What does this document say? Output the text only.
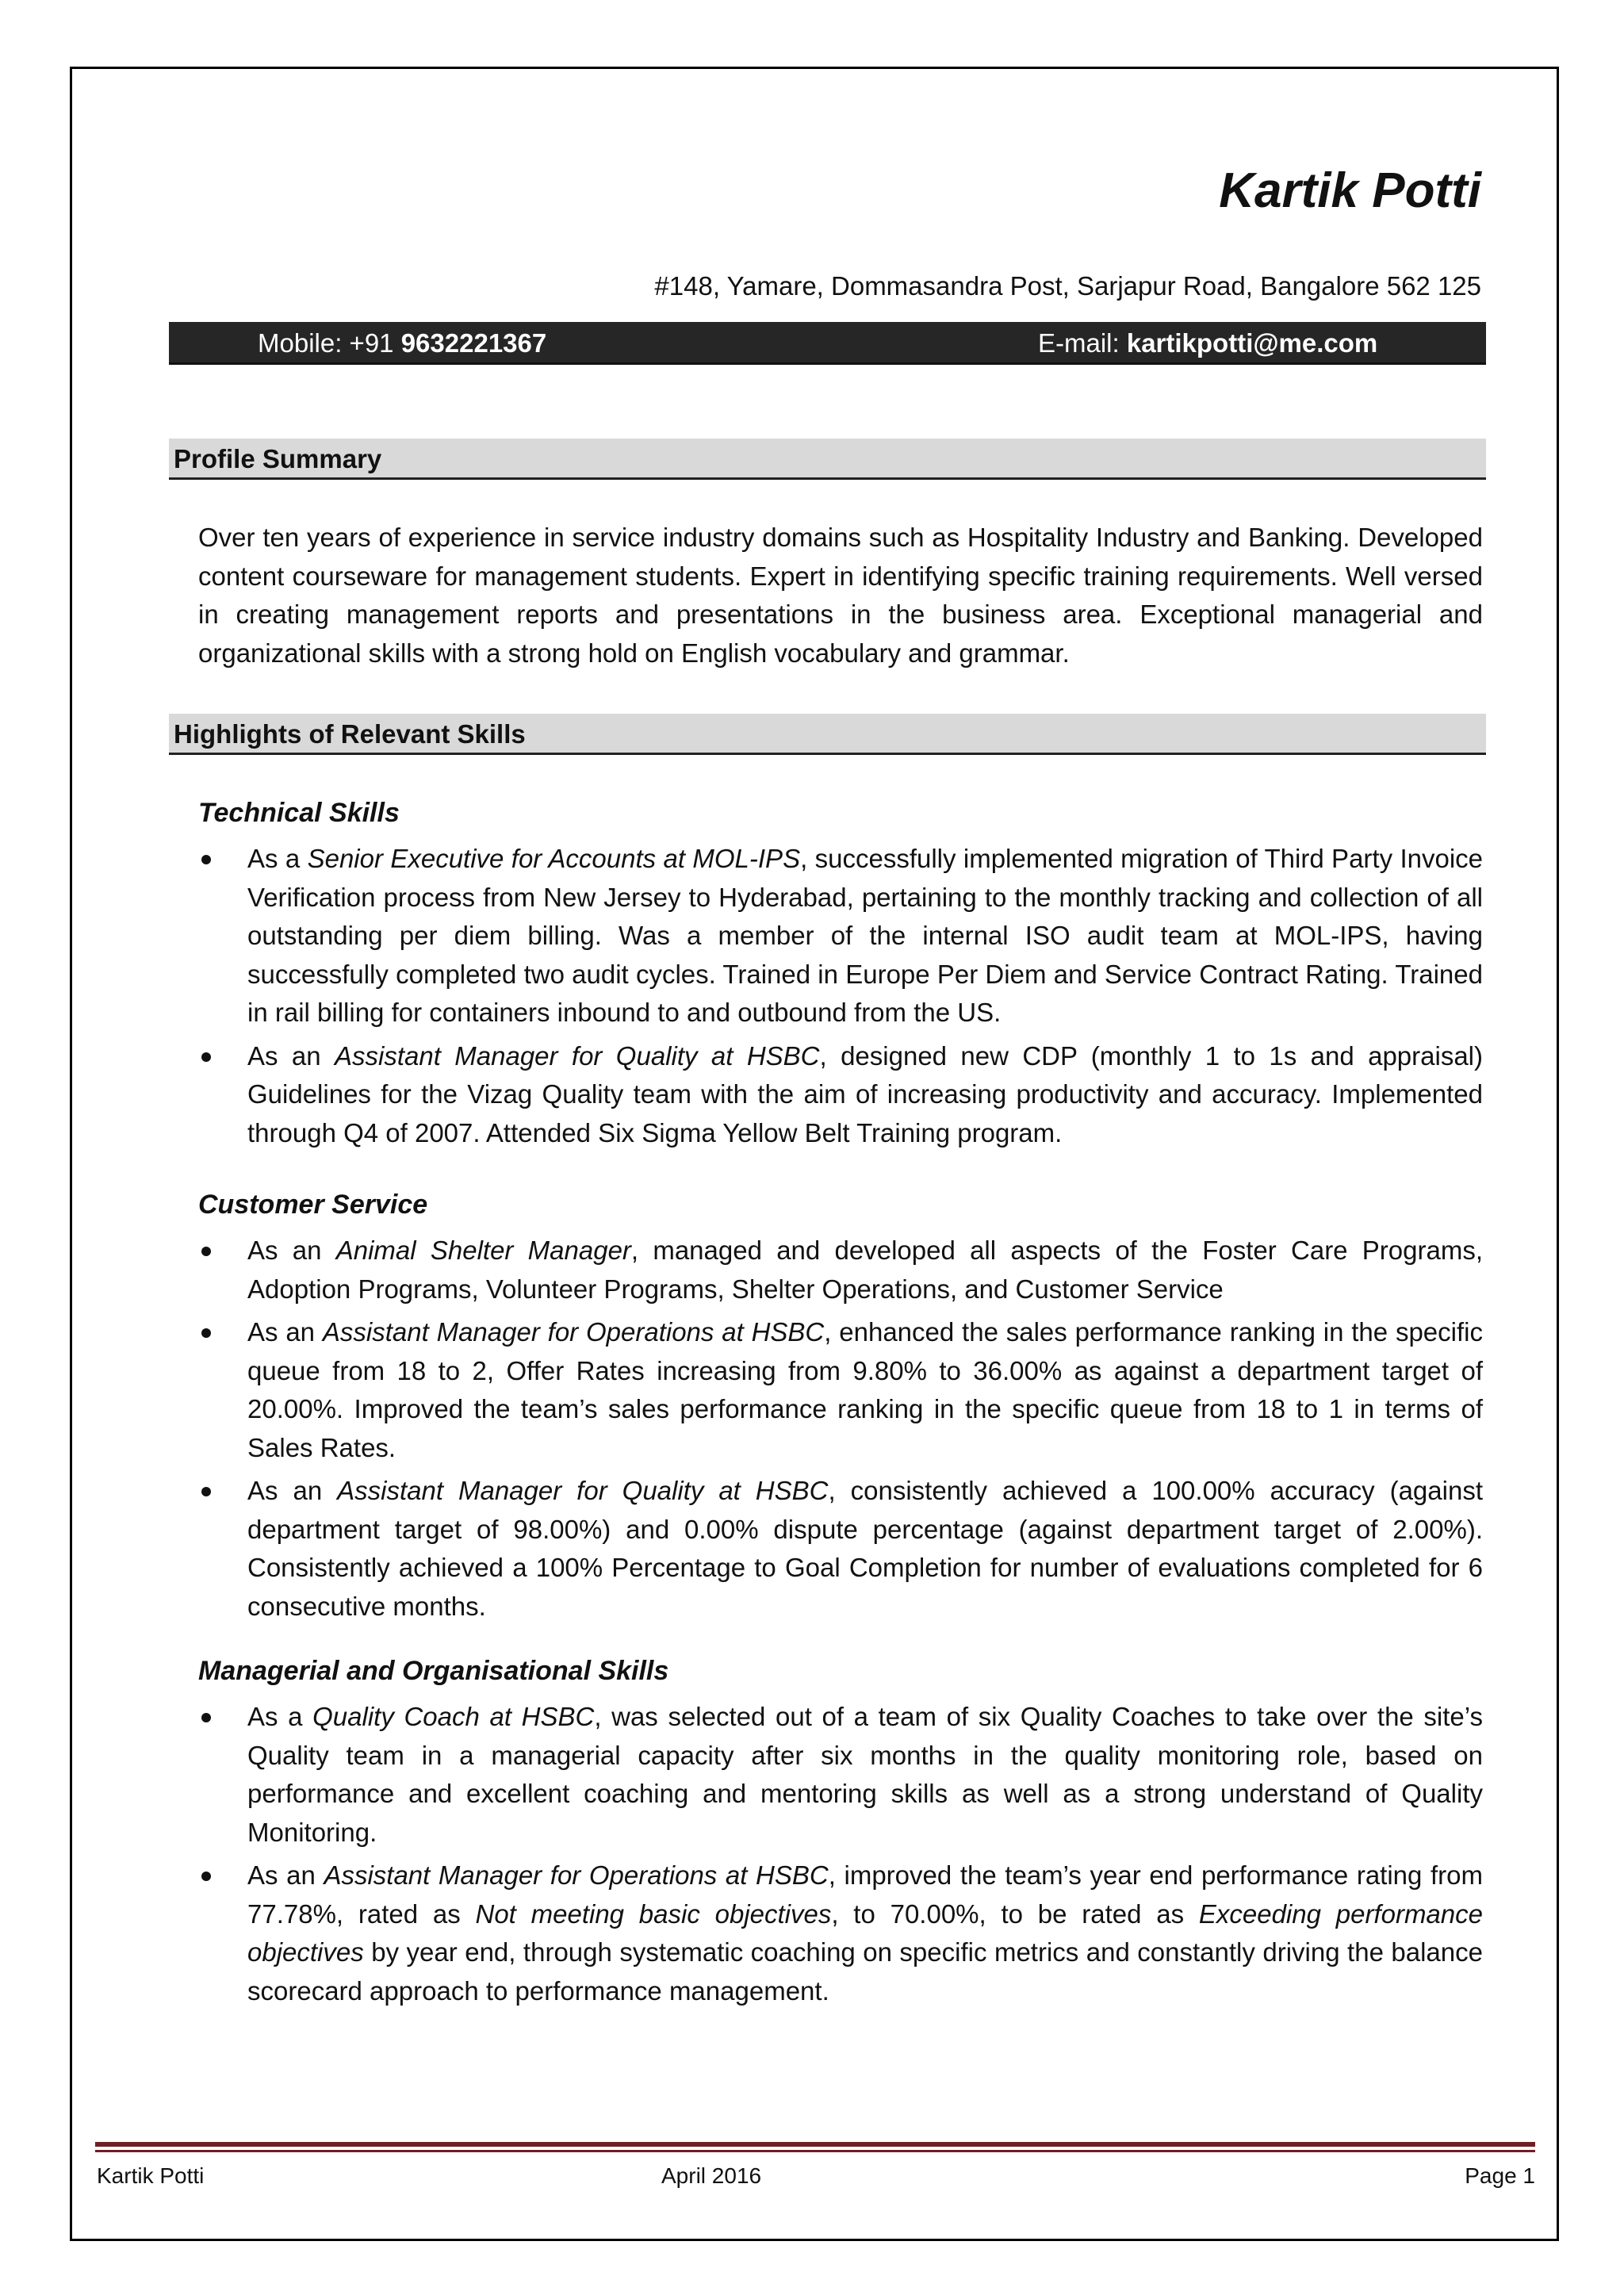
Kartik Potti
#148, Yamare, Dommasandra Post, Sarjapur Road, Bangalore 562 125
Mobile: +91 9632221367	E-mail: kartikpotti@me.com
Profile Summary
Over ten years of experience in service industry domains such as Hospitality Industry and Banking. Developed content courseware for management students. Expert in identifying specific training requirements. Well versed in creating management reports and presentations in the business area. Exceptional managerial and organizational skills with a strong hold on English vocabulary and grammar.
Highlights of Relevant Skills
Technical Skills
As a Senior Executive for Accounts at MOL-IPS, successfully implemented migration of Third Party Invoice Verification process from New Jersey to Hyderabad, pertaining to the monthly tracking and collection of all outstanding per diem billing. Was a member of the internal ISO audit team at MOL-IPS, having successfully completed two audit cycles. Trained in Europe Per Diem and Service Contract Rating. Trained in rail billing for containers inbound to and outbound from the US.
As an Assistant Manager for Quality at HSBC, designed new CDP (monthly 1 to 1s and appraisal) Guidelines for the Vizag Quality team with the aim of increasing productivity and accuracy. Implemented through Q4 of 2007. Attended Six Sigma Yellow Belt Training program.
Customer Service
As an Animal Shelter Manager, managed and developed all aspects of the Foster Care Programs, Adoption Programs, Volunteer Programs, Shelter Operations, and Customer Service
As an Assistant Manager for Operations at HSBC, enhanced the sales performance ranking in the specific queue from 18 to 2, Offer Rates increasing from 9.80% to 36.00% as against a department target of 20.00%. Improved the team’s sales performance ranking in the specific queue from 18 to 1 in terms of Sales Rates.
As an Assistant Manager for Quality at HSBC, consistently achieved a 100.00% accuracy (against department target of 98.00%) and 0.00% dispute percentage (against department target of 2.00%). Consistently achieved a 100% Percentage to Goal Completion for number of evaluations completed for 6 consecutive months.
Managerial and Organisational Skills
As a Quality Coach at HSBC, was selected out of a team of six Quality Coaches to take over the site’s Quality team in a managerial capacity after six months in the quality monitoring role, based on performance and excellent coaching and mentoring skills as well as a strong understand of Quality Monitoring.
As an Assistant Manager for Operations at HSBC, improved the team’s year end performance rating from 77.78%, rated as Not meeting basic objectives, to 70.00%, to be rated as Exceeding performance objectives by year end, through systematic coaching on specific metrics and constantly driving the balance scorecard approach to performance management.
Kartik Potti	April 2016	Page 1
